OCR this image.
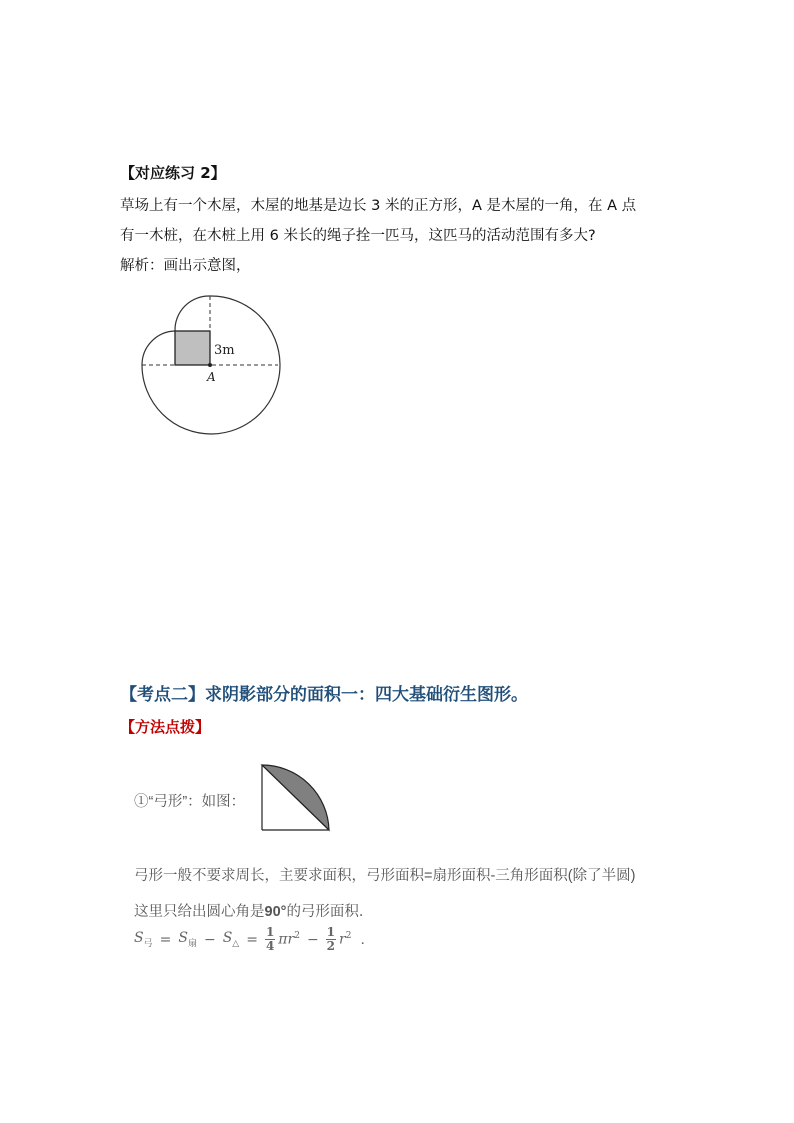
【对应练习 2】
草场上有一个木屋，木屋的地基是边长 3 米的正方形，A 是木屋的一角，在 A 点
有一木桩，在木桩上用 6 米长的绳子拴一匹马，这匹马的活动范围有多大?
解析：画出示意图，
3m
A
【考点二】求阴影部分的面积一：四大基础衍生图形。
【方法点拨】
①“弓形”：如图：
弓形一般不要求周长，主要求面积，弓形面积=扇形面积-三角形面积(除了半圆)
这里只给出圆心角是90°的弓形面积．
$S_弓 = S_扇 - S_\triangle = \frac{1}{4} \pi r^2 - \frac{1}{2} r^2$ .
